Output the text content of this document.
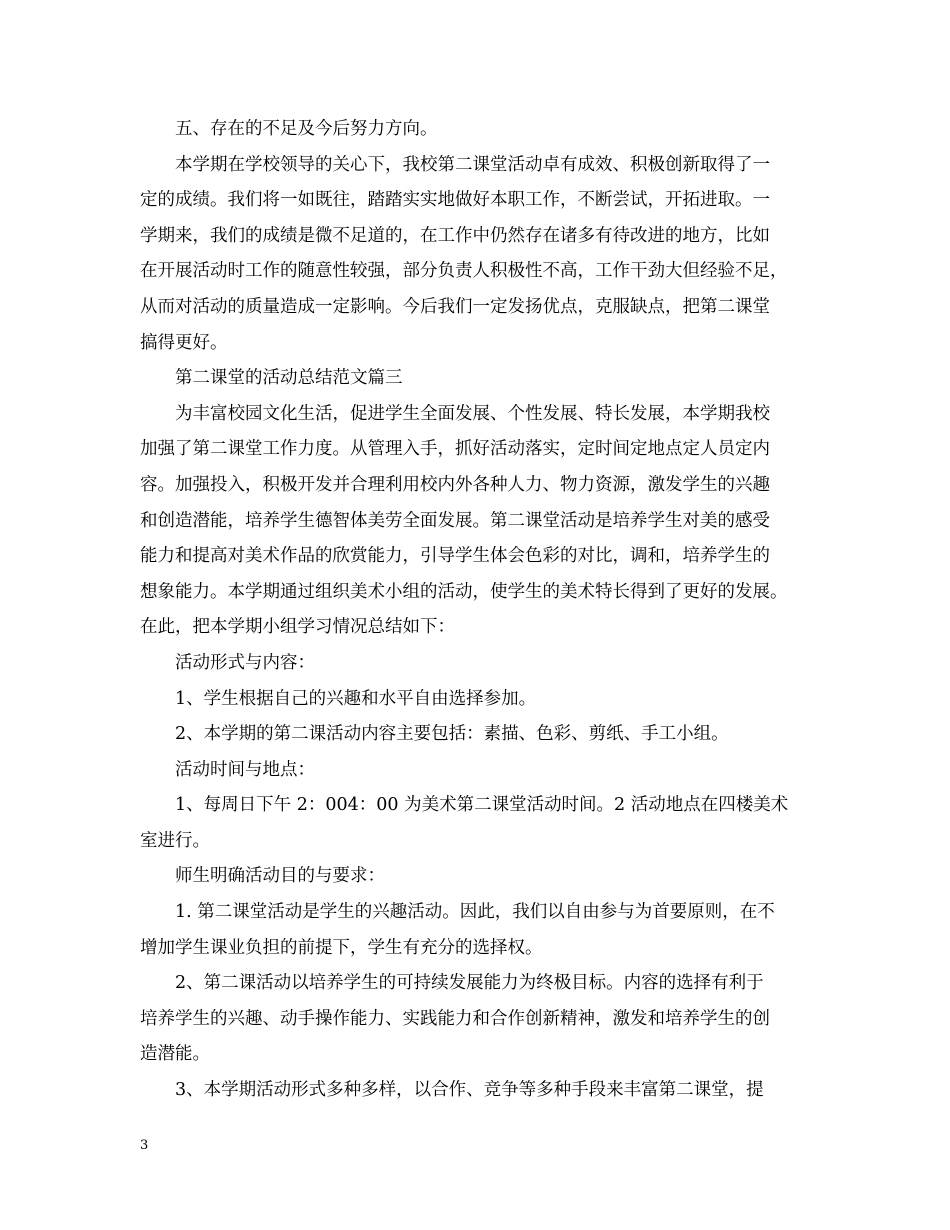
五、存在的不足及今后努力方向。
本学期在学校领导的关心下，我校第二课堂活动卓有成效、积极创新取得了一
定的成绩。我们将一如既往，踏踏实实地做好本职工作，不断尝试，开拓进取。一
学期来，我们的成绩是微不足道的，在工作中仍然存在诸多有待改进的地方，比如
在开展活动时工作的随意性较强，部分负责人积极性不高，工作干劲大但经验不足，
从而对活动的质量造成一定影响。今后我们一定发扬优点，克服缺点，把第二课堂
搞得更好。
第二课堂的活动总结范文篇三
为丰富校园文化生活，促进学生全面发展、个性发展、特长发展，本学期我校
加强了第二课堂工作力度。从管理入手，抓好活动落实，定时间定地点定人员定内
容。加强投入，积极开发并合理利用校内外各种人力、物力资源，激发学生的兴趣
和创造潜能，培养学生德智体美劳全面发展。第二课堂活动是培养学生对美的感受
能力和提高对美术作品的欣赏能力，引导学生体会色彩的对比，调和，培养学生的
想象能力。本学期通过组织美术小组的活动，使学生的美术特长得到了更好的发展。
在此，把本学期小组学习情况总结如下：
活动形式与内容：
1、学生根据自己的兴趣和水平自由选择参加。
2、本学期的第二课活动内容主要包括：素描、色彩、剪纸、手工小组。
活动时间与地点：
1、每周日下午 2：004：00 为美术第二课堂活动时间。2 活动地点在四楼美术
室进行。
师生明确活动目的与要求：
1. 第二课堂活动是学生的兴趣活动。因此，我们以自由参与为首要原则，在不
增加学生课业负担的前提下，学生有充分的选择权。
2、第二课活动以培养学生的可持续发展能力为终极目标。内容的选择有利于
培养学生的兴趣、动手操作能力、实践能力和合作创新精神，激发和培养学生的创
造潜能。
3、本学期活动形式多种多样，以合作、竞争等多种手段来丰富第二课堂，提
3
